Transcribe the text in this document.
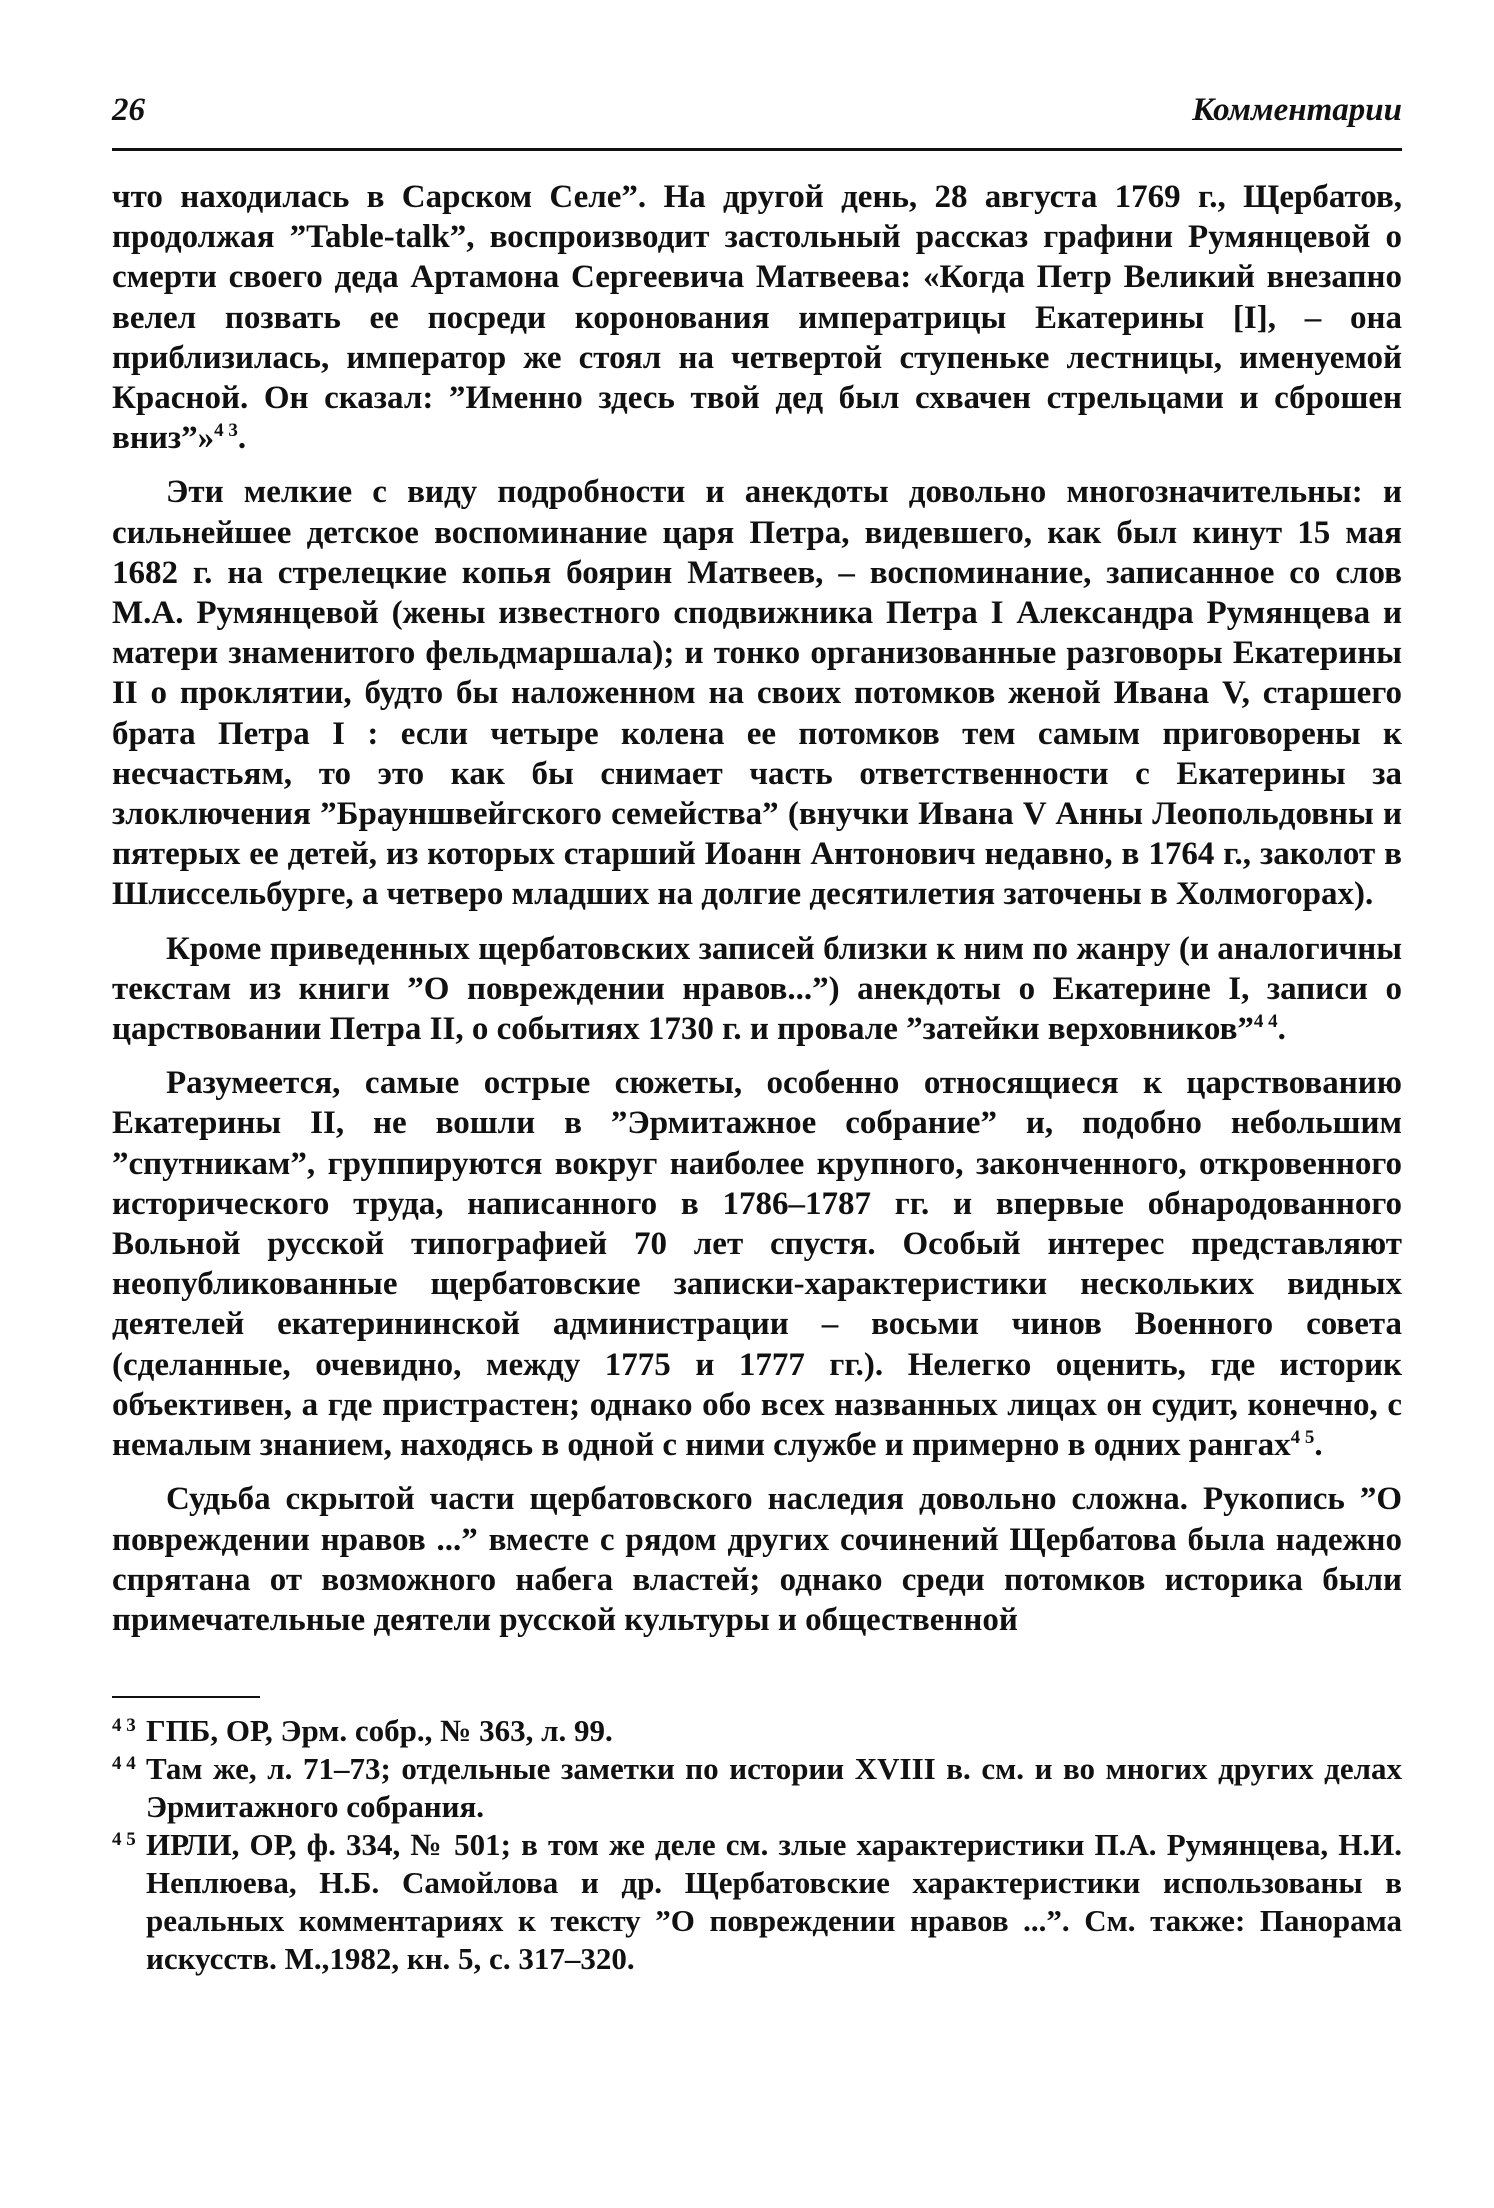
26	Комментарии

что находилась в Сарском Селе”. На другой день, 28 августа 1769 г., Щербатов, продолжая ”Table-talk”, воспроизводит застольный рассказ графини Румянцевой о смерти своего деда Артамона Сергеевича Матвеева: «Когда Петр Великий внезапно велел позвать ее посреди коронования императрицы Екатерины [I], – она приблизилась, император же стоял на четвертой ступеньке лестницы, именуемой Красной. Он сказал: ”Именно здесь твой дед был схвачен стрельцами и сброшен вниз”»$^{4 3}$.

Эти мелкие с виду подробности и анекдоты довольно многозначительны: и сильнейшее детское воспоминание царя Петра, видевшего, как был кинут 15 мая 1682 г. на стрелецкие копья боярин Матвеев, – воспоминание, записанное со слов М.А. Румянцевой (жены известного сподвижника Петра I Александра Румянцева и матери знаменитого фельдмаршала); и тонко организованные разговоры Екатерины II о проклятии, будто бы наложенном на своих потомков женой Ивана V, старшего брата Петра I : если четыре колена ее потомков тем самым приговорены к несчастьям, то это как бы снимает часть ответственности с Екатерины за злоключения ”Брауншвейгского семейства” (внучки Ивана V Анны Леопольдовны и пятерых ее детей, из которых старший Иоанн Антонович недавно, в 1764 г., заколот в Шлиссельбурге, а четверо младших на долгие десятилетия заточены в Холмогорах).

Кроме приведенных щербатовских записей близки к ним по жанру (и аналогичны текстам из книги ”О повреждении нравов...”) анекдоты о Екатерине I, записи о царствовании Петра II, о событиях 1730 г. и провале ”затейки верховников”$^{4 4}$.

Разумеется, самые острые сюжеты, особенно относящиеся к царствованию Екатерины II, не вошли в ”Эрмитажное собрание” и, подобно небольшим ”спутникам”, группируются вокруг наиболее крупного, законченного, откровенного исторического труда, написанного в 1786–1787 гг. и впервые обнародованного Вольной русской типографией 70 лет спустя. Особый интерес представляют неопубликованные щербатовские записки-характеристики нескольких видных деятелей екатерининской администрации – восьми чинов Военного совета (сделанные, очевидно, между 1775 и 1777 гг.). Нелегко оценить, где историк объективен, а где пристрастен; однако обо всех названных лицах он судит, конечно, с немалым знанием, находясь в одной с ними службе и примерно в одних рангах$^{4 5}$.

Судьба скрытой части щербатовского наследия довольно сложна. Рукопись ”О повреждении нравов ...” вместе с рядом других сочинений Щербатова была надежно спрятана от возможного набега властей; однако среди потомков историка были примечательные деятели русской культуры и общественной

4 3 ГПБ, ОР, Эрм. собр., № 363, л. 99.
4 4 Там же, л. 71–73; отдельные заметки по истории XVIII в. см. и во многих других делах Эрмитажного собрания.
4 5 ИРЛИ, ОР, ф. 334, № 501; в том же деле см. злые характеристики П.А. Румянцева, Н.И. Неплюева, Н.Б. Самойлова и др. Щербатовские характеристики использованы в реальных комментариях к тексту ”О повреждении нравов ...”. См. также: Панорама искусств. М.,1982, кн. 5, с. 317–320.
